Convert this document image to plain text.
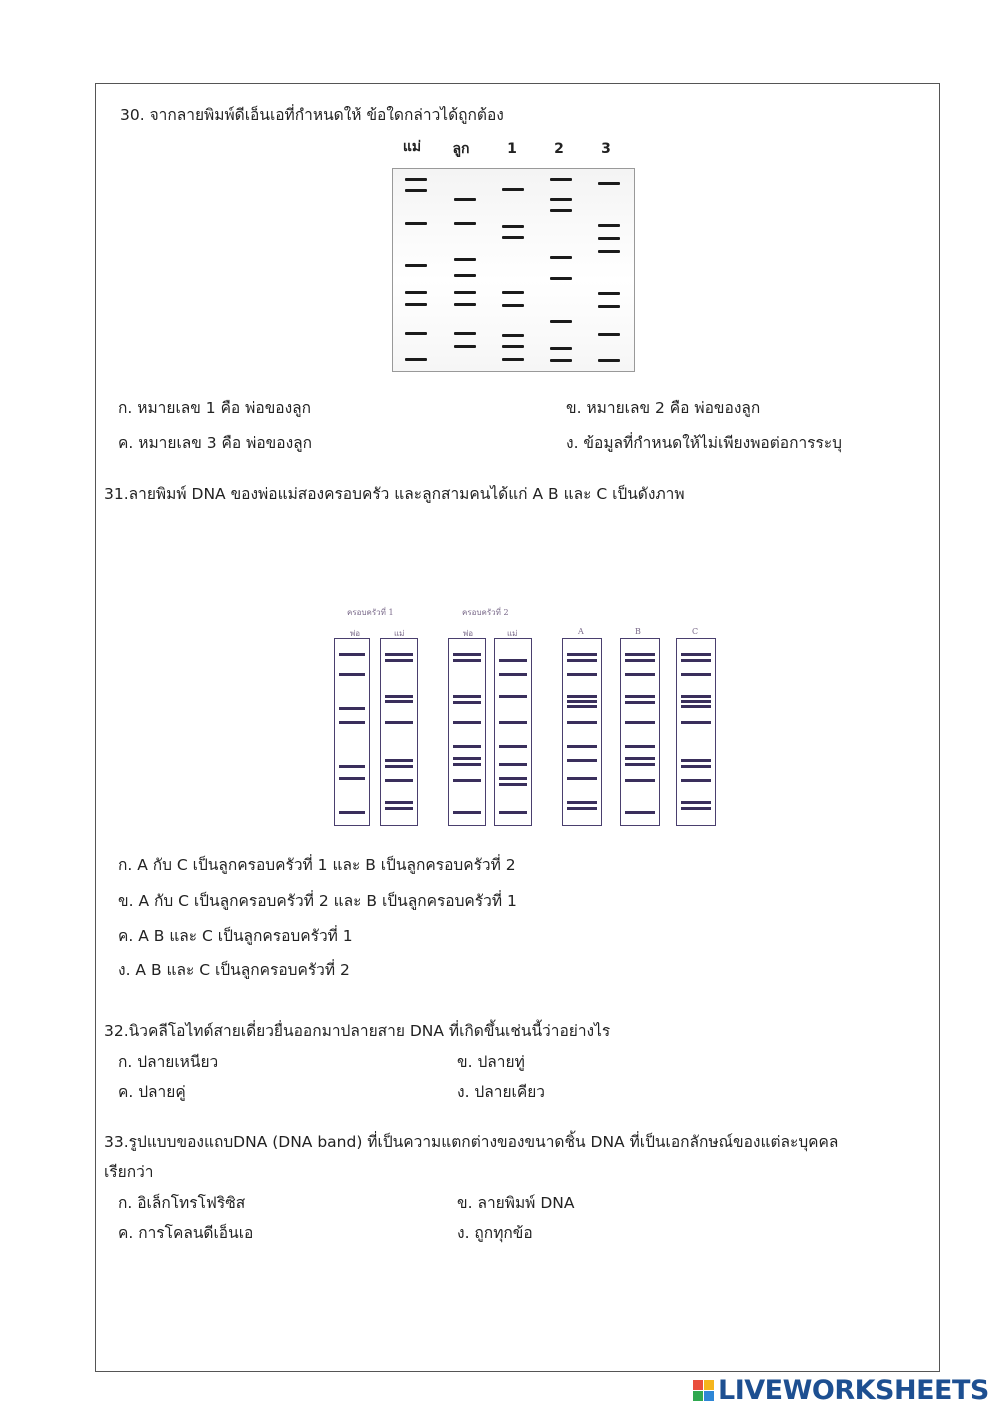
30. จากลายพิมพ์ดีเอ็นเอที่กำหนดให้ ข้อใดกล่าวได้ถูกต้อง
แม่	ลูก	1	2	3
ก. หมายเลข 1 คือ พ่อของลูก	ข. หมายเลข 2 คือ พ่อของลูก
ค. หมายเลข 3 คือ พ่อของลูก	ง. ข้อมูลที่กำหนดให้ไม่เพียงพอต่อการระบุ
31.ลายพิมพ์ DNA ของพ่อแม่สองครอบครัว และลูกสามคนได้แก่ A B และ C เป็นดังภาพ
ครอบครัวที่ 1	ครอบครัวที่ 2
พ่อ	แม่	พ่อ	แม่	A	B	C
ก. A กับ C เป็นลูกครอบครัวที่ 1 และ B เป็นลูกครอบครัวที่ 2
ข. A กับ C เป็นลูกครอบครัวที่ 2 และ B เป็นลูกครอบครัวที่ 1
ค. A B และ C เป็นลูกครอบครัวที่ 1
ง. A B และ C เป็นลูกครอบครัวที่ 2
32.นิวคลีโอไทด์สายเดี่ยวยื่นออกมาปลายสาย DNA ที่เกิดขึ้นเช่นนี้ว่าอย่างไร
ก. ปลายเหนียว	ข. ปลายทู่
ค. ปลายคู่	ง. ปลายเคียว
33.รูปแบบของแถบDNA (DNA band) ที่เป็นความแตกต่างของขนาดชิ้น DNA ที่เป็นเอกลักษณ์ของแต่ละบุคคล
เรียกว่า
ก. อิเล็กโทรโฟริซิส	ข. ลายพิมพ์ DNA
ค. การโคลนดีเอ็นเอ	ง. ถูกทุกข้อ
LIVEWORKSHEETS
